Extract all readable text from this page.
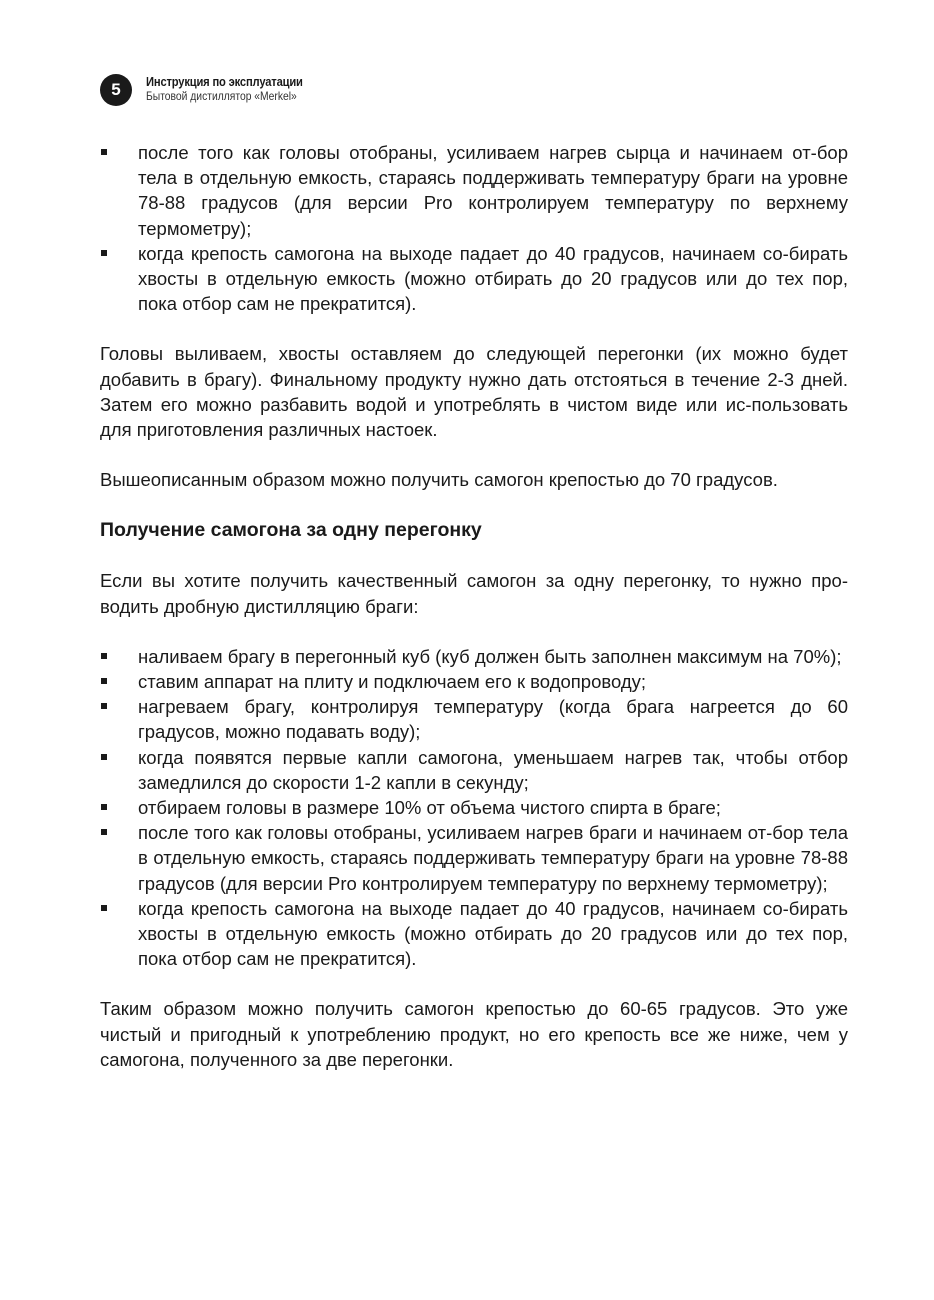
5	Инструкция по эксплуатации
Бытовой дистиллятор «Merkel»
после того как головы отобраны, усиливаем нагрев сырца и начинаем от-бор тела в отдельную емкость, стараясь поддерживать температуру браги на уровне 78-88 градусов (для версии Pro контролируем температуру по верхнему термометру);
когда крепость самогона на выходе падает до 40 градусов, начинаем со-бирать хвосты в отдельную емкость (можно отбирать до 20 градусов или до тех пор, пока отбор сам не прекратится).

Головы выливаем, хвосты оставляем до следующей перегонки (их можно будет добавить в брагу). Финальному продукту нужно дать отстояться в течение 2-3 дней. Затем его можно разбавить водой и употреблять в чистом виде или ис-пользовать для приготовления различных настоек.

Вышеописанным образом можно получить самогон крепостью до 70 градусов.

Получение самогона за одну перегонку

Если вы хотите получить качественный самогон за одну перегонку, то нужно про-водить дробную дистилляцию браги:

наливаем брагу в перегонный куб (куб должен быть заполнен максимум на 70%);
ставим аппарат на плиту и подключаем его к водопроводу;
нагреваем брагу, контролируя температуру (когда брага нагреется до 60 градусов, можно подавать воду);
когда появятся первые капли самогона, уменьшаем нагрев так, чтобы отбор замедлился до скорости 1-2 капли в секунду;
отбираем головы в размере 10% от объема чистого спирта в браге;
после того как головы отобраны, усиливаем нагрев браги и начинаем от-бор тела в отдельную емкость, стараясь поддерживать температуру браги на уровне 78-88 градусов (для версии Pro контролируем температуру по верхнему термометру);
когда крепость самогона на выходе падает до 40 градусов, начинаем со-бирать хвосты в отдельную емкость (можно отбирать до 20 градусов или до тех пор, пока отбор сам не прекратится).

Таким образом можно получить самогон крепостью до 60-65 градусов. Это уже чистый и пригодный к употреблению продукт, но его крепость все же ниже, чем у самогона, полученного за две перегонки.
